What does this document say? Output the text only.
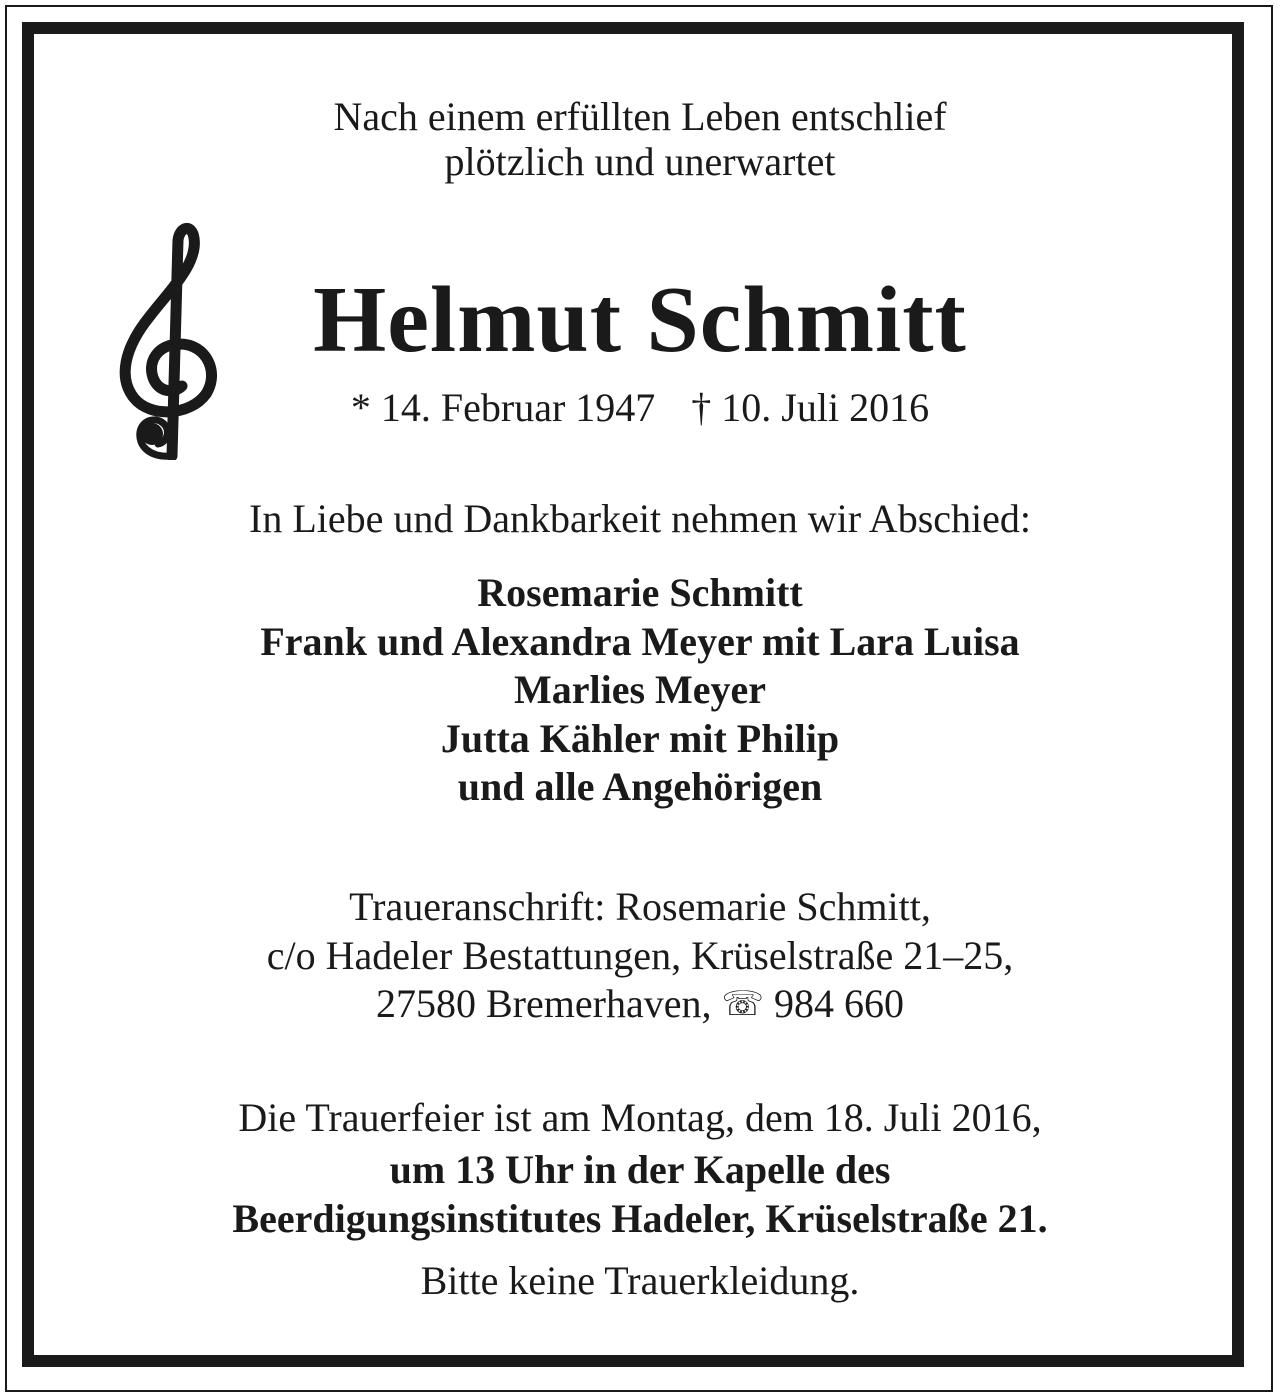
Nach einem erfüllten Leben entschlief
plötzlich und unerwartet
Helmut Schmitt
* 14. Februar 1947 † 10. Juli 2016
In Liebe und Dankbarkeit nehmen wir Abschied:
Rosemarie Schmitt
Frank und Alexandra Meyer mit Lara Luisa
Marlies Meyer
Jutta Kähler mit Philip
und alle Angehörigen
Traueranschrift: Rosemarie Schmitt,
c/o Hadeler Bestattungen, Krüselstraße 21–25,
27580 Bremerhaven, ☏ 984 660
Die Trauerfeier ist am Montag, dem 18. Juli 2016,
um 13 Uhr in der Kapelle des
Beerdigungsinstitutes Hadeler, Krüselstraße 21.
Bitte keine Trauerkleidung.
